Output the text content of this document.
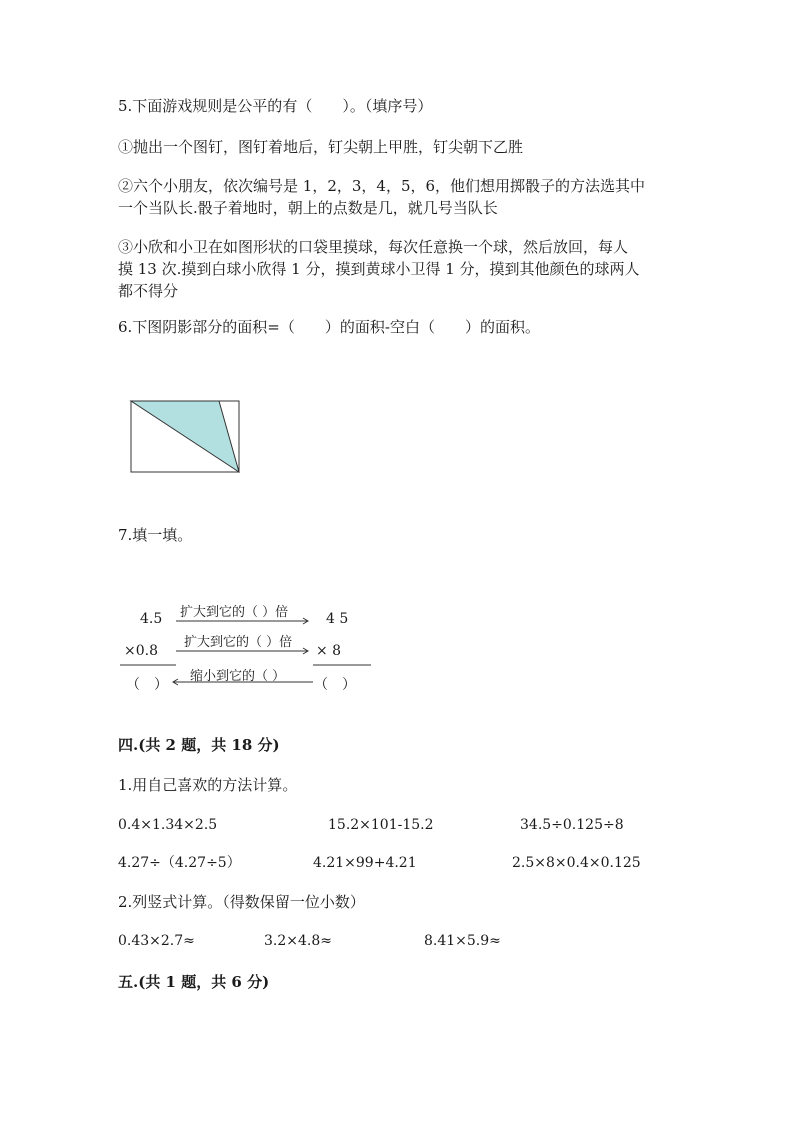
5.下面游戏规则是公平的有（　　）。（填序号）

①抛出一个图钉，图钉着地后，钉尖朝上甲胜，钉尖朝下乙胜

②六个小朋友，依次编号是 1，2，3，4，5，6，他们想用掷骰子的方法选其中

一个当队长.骰子着地时，朝上的点数是几，就几号当队长

③小欣和小卫在如图形状的口袋里摸球，每次任意换一个球，然后放回，每人

摸 13 次.摸到白球小欣得 1 分，摸到黄球小卫得 1 分，摸到其他颜色的球两人

都不得分

6.下图阴影部分的面积=（　　）的面积-空白（　　）的面积。

7.填一填。

4.5	4 5
扩大到它的（ ）倍
扩大到它的（ ）倍
×0.8	× 8
缩小到它的（ ）
（　）	（　）

四.(共 2 题，共 18 分)

1.用自己喜欢的方法计算。

0.4×1.34×2.5	15.2×101-15.2	34.5÷0.125÷8
4.27÷（4.27÷5）	4.21×99+4.21	2.5×8×0.4×0.125

2.列竖式计算。（得数保留一位小数）

0.43×2.7≈	3.2×4.8≈	8.41×5.9≈

五.(共 1 题，共 6 分)
